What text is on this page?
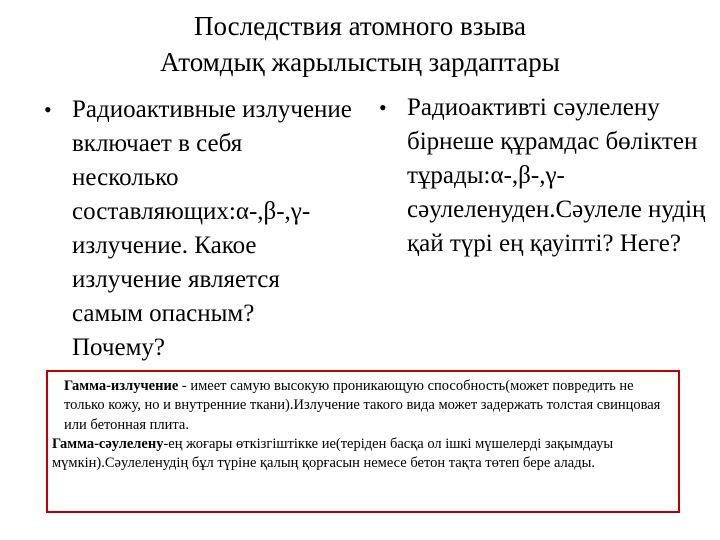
Последствия атомного взыва
Атомдық жарылыстың зардаптары
• Радиоактивные излучение включает в себя несколько составляющих:α-,β-,γ-излучение. Какое излучение является самым опасным? Почему?
• Радиоактивті сәулелену бірнеше құрамдас бөліктен тұрады:α-,β-,γ-сәулеленуден.Сәулеле нудің қай түрі ең қауіпті? Неге?

Гамма-излучение - имеет самую высокую проникающую способность(может повредить не только кожу, но и внутренние ткани).Излучение такого вида может задержать толстая свинцовая или бетонная плита.

Гамма-сәулелену-ең жоғары өткізгіштікке ие(теріден басқа ол ішкі мүшелерді зақымдауы мүмкін).Сәулеленудің бұл түріне қалың қорғасын немесе бетон тақта төтеп бере алады.
